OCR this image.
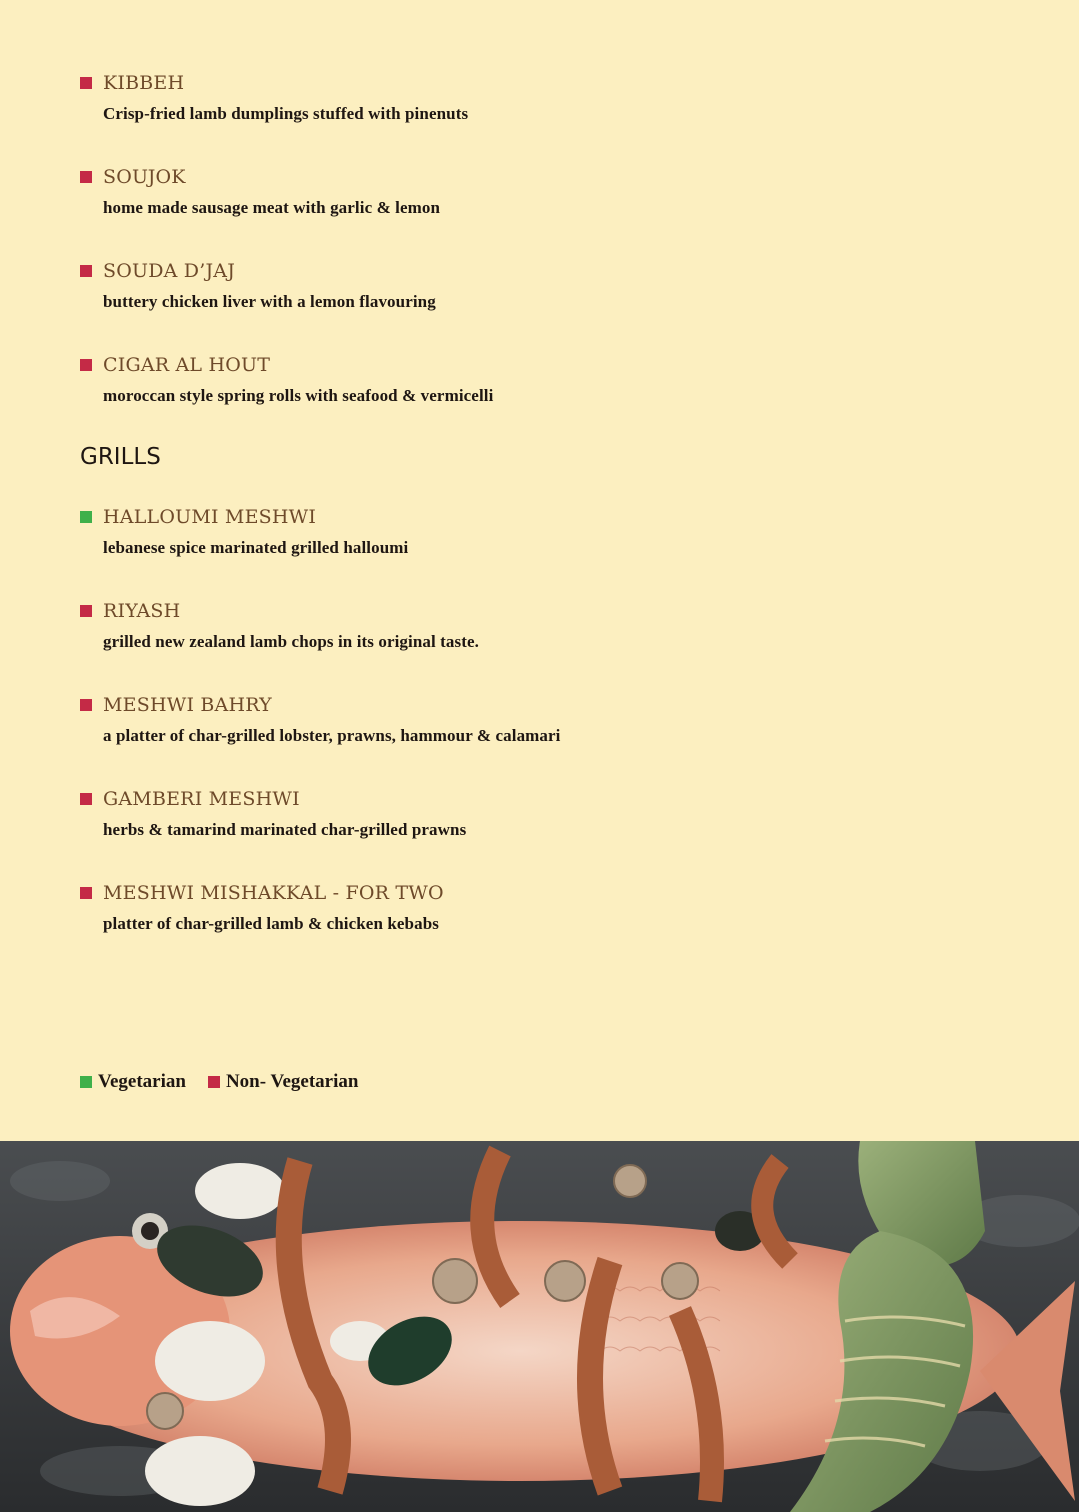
KIBBEH
Crisp-fried lamb dumplings stuffed with pinenuts
SOUJOK
home made sausage meat with garlic & lemon
SOUDA D’JAJ
buttery chicken liver with a lemon flavouring
CIGAR AL HOUT
moroccan style spring rolls with seafood & vermicelli
GRILLS
HALLOUMI MESHWI
lebanese spice marinated grilled halloumi
RIYASH
grilled new zealand lamb chops in its original taste.
MESHWI BAHRY
a platter of char-grilled lobster, prawns, hammour & calamari
GAMBERI MESHWI
herbs & tamarind marinated char-grilled prawns
MESHWI MISHAKKAL - FOR TWO
platter of char-grilled lamb & chicken kebabs
Vegetarian Non- Vegetarian
